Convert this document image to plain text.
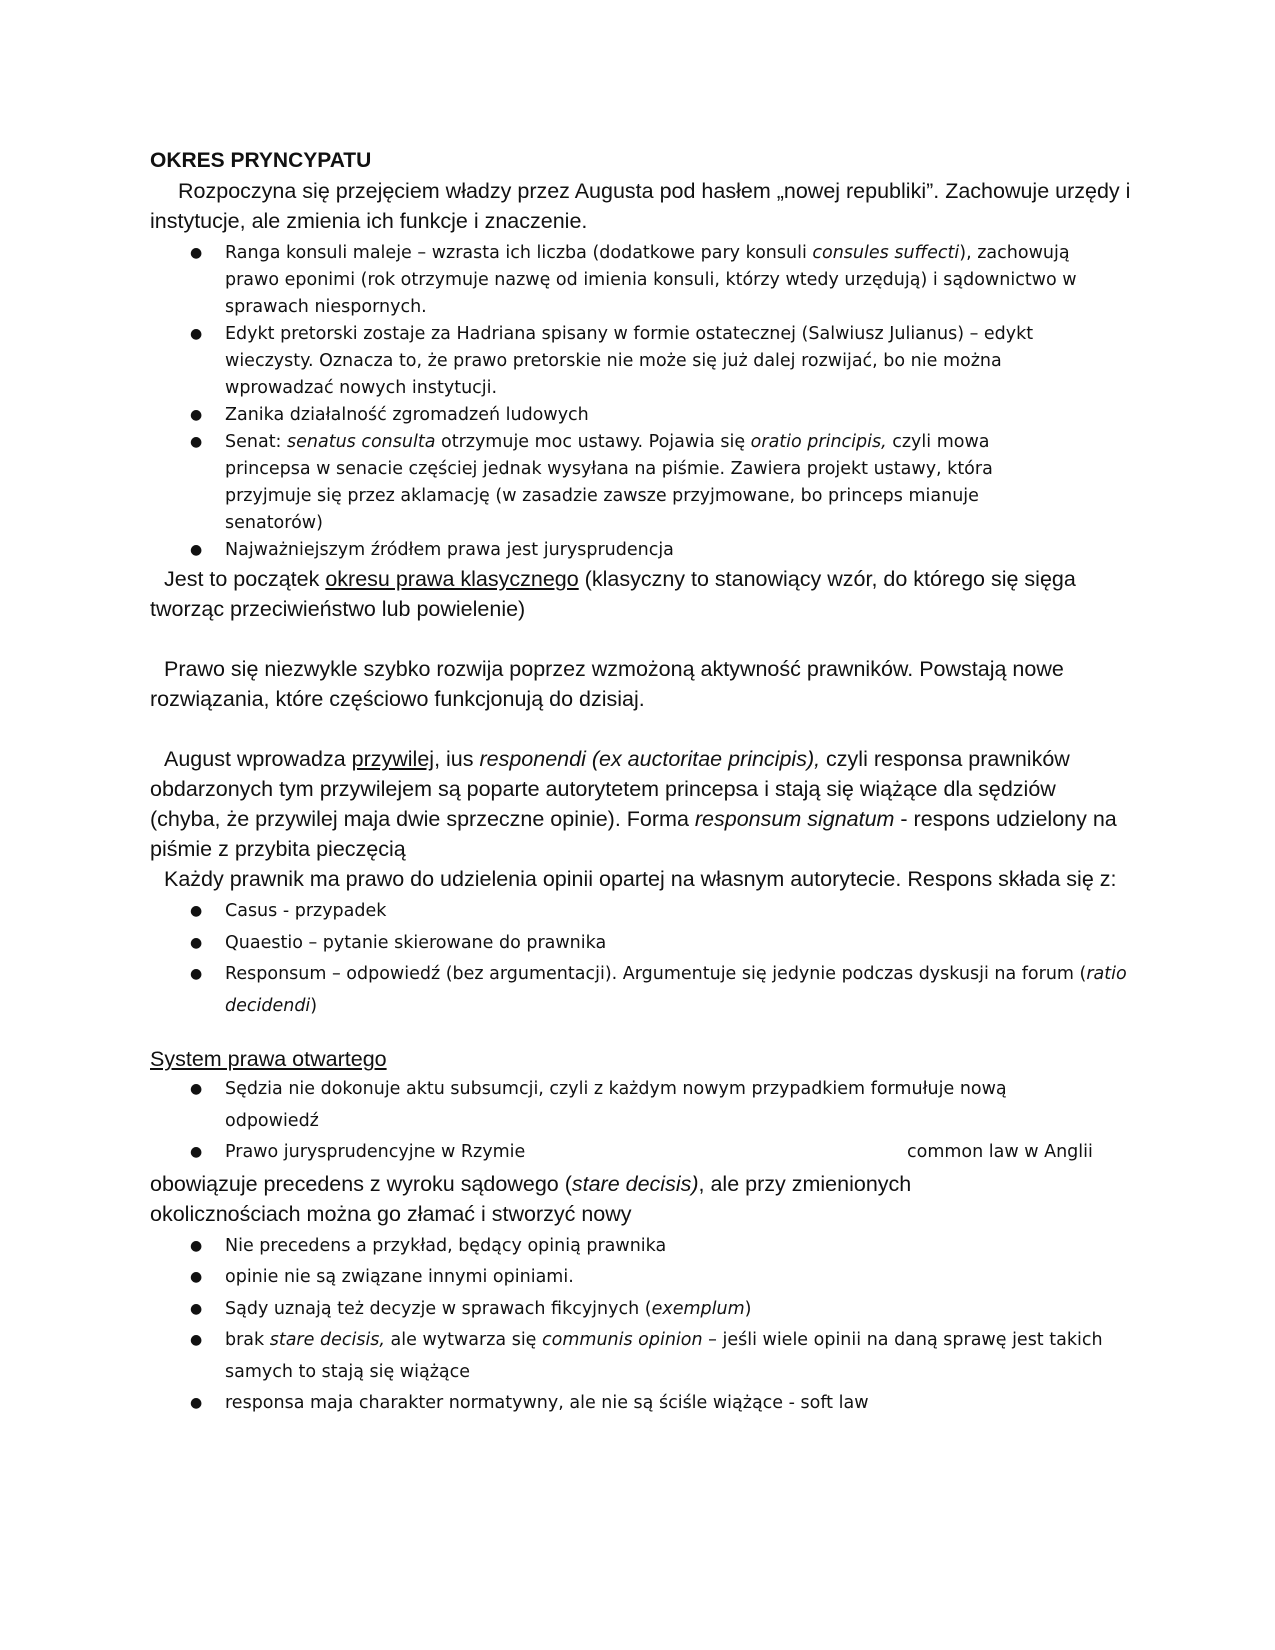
OKRES PRYNCYPATU

Rozpoczyna się przejęciem władzy przez Augusta pod hasłem „nowej republiki”. Zachowuje urzędy i instytucje, ale zmienia ich funkcje i znaczenie.

● Ranga konsuli maleje – wzrasta ich liczba (dodatkowe pary konsuli consules suffecti), zachowują prawo eponimi (rok otrzymuje nazwę od imienia konsuli, którzy wtedy urzędują) i sądownictwo w sprawach niespornych.
● Edykt pretorski zostaje za Hadriana spisany w formie ostatecznej (Salwiusz Julianus) – edykt wieczysty. Oznacza to, że prawo pretorskie nie może się już dalej rozwijać, bo nie można wprowadzać nowych instytucji.
● Zanika działalność zgromadzeń ludowych
● Senat: senatus consulta otrzymuje moc ustawy. Pojawia się oratio principis, czyli mowa princepsa w senacie częściej jednak wysyłana na piśmie. Zawiera projekt ustawy, która przyjmuje się przez aklamację (w zasadzie zawsze przyjmowane, bo princeps mianuje senatorów)
● Najważniejszym źródłem prawa jest jurysprudencja

Jest to początek okresu prawa klasycznego (klasyczny to stanowiący wzór, do którego się sięga tworząc przeciwieństwo lub powielenie)

Prawo się niezwykle szybko rozwija poprzez wzmożoną aktywność prawników. Powstają nowe rozwiązania, które częściowo funkcjonują do dzisiaj.

August wprowadza przywilej, ius responendi (ex auctoritae principis), czyli responsa prawników obdarzonych tym przywilejem są poparte autorytetem princepsa i stają się wiążące dla sędziów (chyba, że przywilej maja dwie sprzeczne opinie). Forma responsum signatum - respons udzielony na piśmie z przybita pieczęcią

Każdy prawnik ma prawo do udzielenia opinii opartej na własnym autorytecie. Respons składa się z:

● Casus - przypadek
● Quaestio – pytanie skierowane do prawnika
● Responsum – odpowiedź (bez argumentacji). Argumentuje się jedynie podczas dyskusji na forum (ratio decidendi)

System prawa otwartego

● Sędzia nie dokonuje aktu subsumcji, czyli z każdym nowym przypadkiem formułuje nową odpowiedź
● Prawo jurysprudencyjne w Rzymie	common law w Anglii

obowiązuje precedens z wyroku sądowego (stare decisis), ale przy zmienionych okolicznościach można go złamać i stworzyć nowy

● Nie precedens a przykład, będący opinią prawnika
● opinie nie są związane innymi opiniami.
● Sądy uznają też decyzje w sprawach fikcyjnych (exemplum)
● brak stare decisis, ale wytwarza się communis opinion – jeśli wiele opinii na daną sprawę jest takich samych to stają się wiążące
● responsa maja charakter normatywny, ale nie są ściśle wiążące - soft law
